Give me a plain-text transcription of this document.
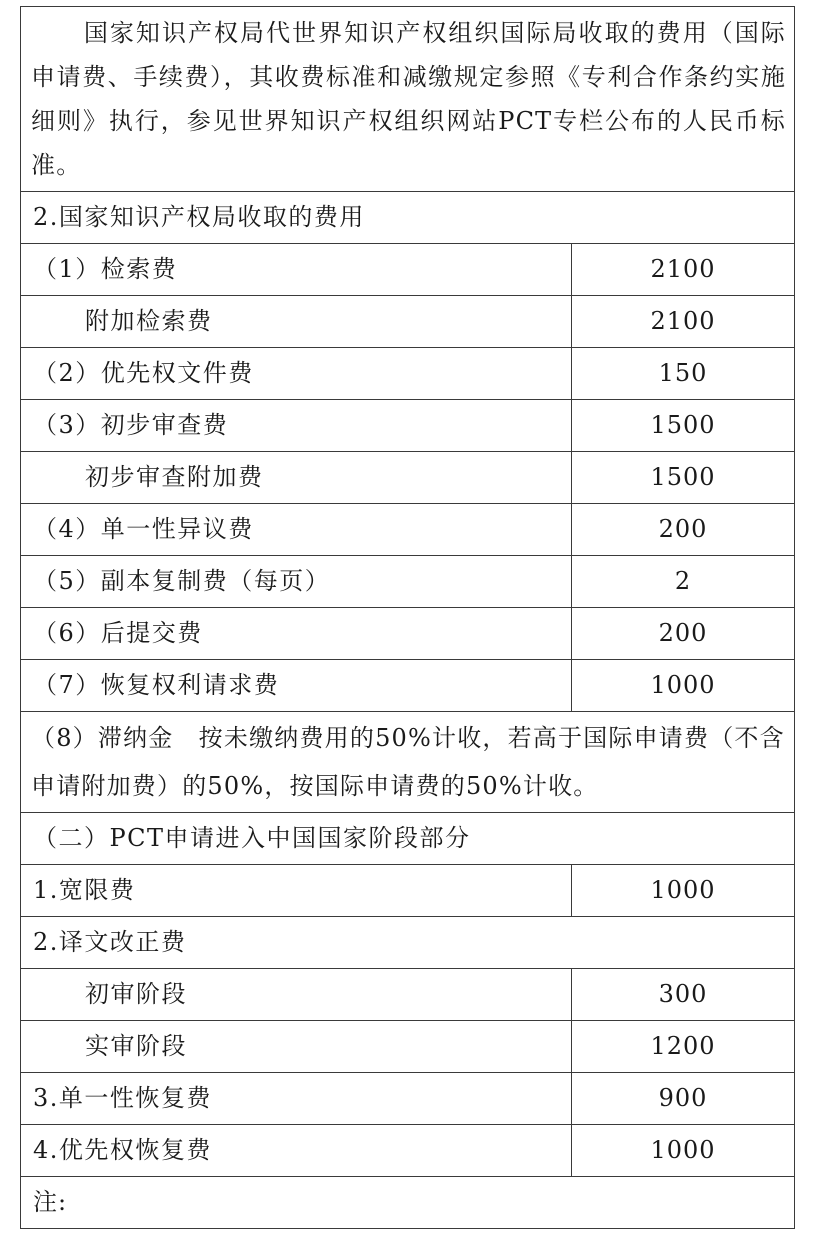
国家知识产权局代世界知识产权组织国际局收取的费用（国际申请费、手续费），其收费标准和减缴规定参照《专利合作条约实施细则》执行，参见世界知识产权组织网站PCT专栏公布的人民币标准。	
2.国家知识产权局收取的费用	
（1）检索费	2100
附加检索费	2100
（2）优先权文件费	150
（3）初步审查费	1500
初步审查附加费	1500
（4）单一性异议费	200
（5）副本复制费（每页）	2
（6）后提交费	200
（7）恢复权利请求费	1000
（8）滞纳金　按未缴纳费用的50%计收，若高于国际申请费（不含申请附加费）的50%，按国际申请费的50%计收。	
（二）PCT申请进入中国国家阶段部分	
1.宽限费	1000
2.译文改正费	
初审阶段	300
实审阶段	1200
3.单一性恢复费	900
4.优先权恢复费	1000
注:	
